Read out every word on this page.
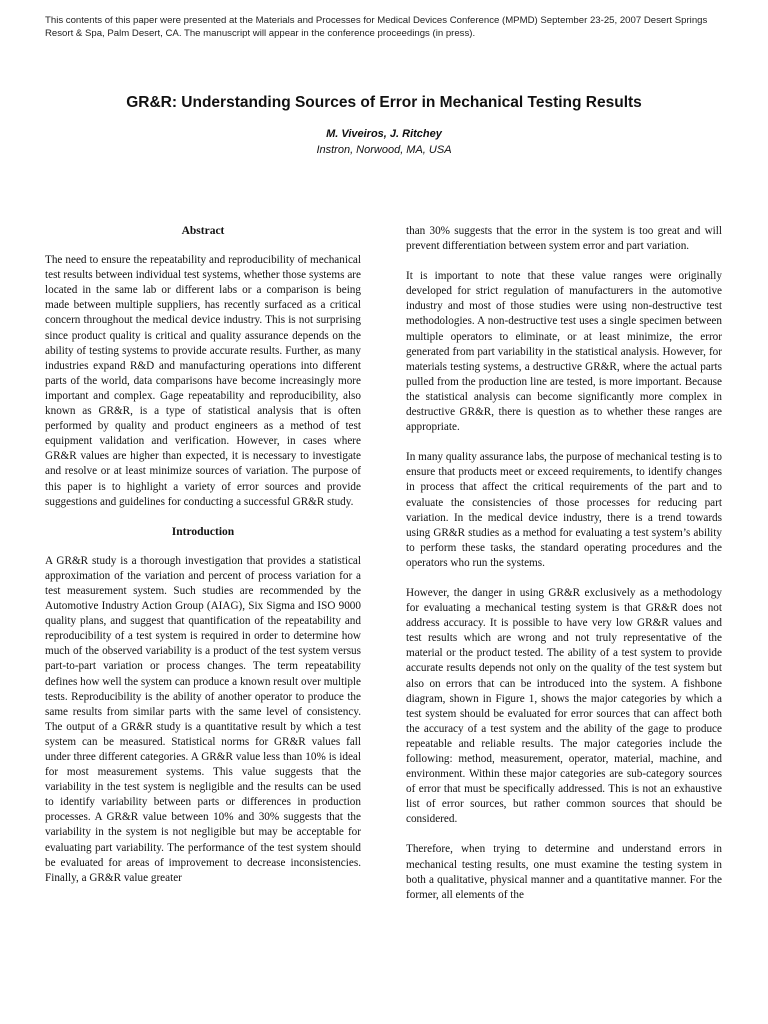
This contents of this paper were presented at the Materials and Processes for Medical Devices Conference (MPMD) September 23-25, 2007 Desert Springs Resort & Spa, Palm Desert, CA. The manuscript will appear in the conference proceedings (in press).
GR&R: Understanding Sources of Error in Mechanical Testing Results
M. Viveiros, J. Ritchey
Instron, Norwood, MA, USA
Abstract

The need to ensure the repeatability and reproducibility of mechanical test results between individual test systems, whether those systems are located in the same lab or different labs or a comparison is being made between multiple suppliers, has recently surfaced as a critical concern throughout the medical device industry. This is not surprising since product quality is critical and quality assurance depends on the ability of testing systems to provide accurate results. Further, as many industries expand R&D and manufacturing operations into different parts of the world, data comparisons have become increasingly more important and complex. Gage repeatability and reproducibility, also known as GR&R, is a type of statistical analysis that is often performed by quality and product engineers as a method of test equipment validation and verification. However, in cases where GR&R values are higher than expected, it is necessary to investigate and resolve or at least minimize sources of variation. The purpose of this paper is to highlight a variety of error sources and provide suggestions and guidelines for conducting a successful GR&R study.

Introduction

A GR&R study is a thorough investigation that provides a statistical approximation of the variation and percent of process variation for a test measurement system. Such studies are recommended by the Automotive Industry Action Group (AIAG), Six Sigma and ISO 9000 quality plans, and suggest that quantification of the repeatability and reproducibility of a test system is required in order to determine how much of the observed variability is a product of the test system versus part-to-part variation or process changes. The term repeatability defines how well the system can produce a known result over multiple tests. Reproducibility is the ability of another operator to produce the same results from similar parts with the same level of consistency. The output of a GR&R study is a quantitative result by which a test system can be measured. Statistical norms for GR&R values fall under three different categories. A GR&R value less than 10% is ideal for most measurement systems. This value suggests that the variability in the test system is negligible and the results can be used to identify variability between parts or differences in production processes. A GR&R value between 10% and 30% suggests that the variability in the system is not negligible but may be acceptable for evaluating part variability. The performance of the test system should be evaluated for areas of improvement to decrease inconsistencies. Finally, a GR&R value greater

than 30% suggests that the error in the system is too great and will prevent differentiation between system error and part variation.

It is important to note that these value ranges were originally developed for strict regulation of manufacturers in the automotive industry and most of those studies were using non-destructive test methodologies. A non-destructive test uses a single specimen between multiple operators to eliminate, or at least minimize, the error generated from part variability in the statistical analysis. However, for materials testing systems, a destructive GR&R, where the actual parts pulled from the production line are tested, is more important. Because the statistical analysis can become significantly more complex in destructive GR&R, there is question as to whether these ranges are appropriate.

In many quality assurance labs, the purpose of mechanical testing is to ensure that products meet or exceed requirements, to identify changes in process that affect the critical requirements of the part and to evaluate the consistencies of those processes for reducing part variation. In the medical device industry, there is a trend towards using GR&R studies as a method for evaluating a test system’s ability to perform these tasks, the standard operating procedures and the operators who run the systems.

However, the danger in using GR&R exclusively as a methodology for evaluating a mechanical testing system is that GR&R does not address accuracy. It is possible to have very low GR&R values and test results which are wrong and not truly representative of the material or the product tested. The ability of a test system to provide accurate results depends not only on the quality of the test system but also on errors that can be introduced into the system. A fishbone diagram, shown in Figure 1, shows the major categories by which a test system should be evaluated for error sources that can affect both the accuracy of a test system and the ability of the gage to produce repeatable and reliable results. The major categories include the following: method, measurement, operator, material, machine, and environment. Within these major categories are sub-category sources of error that must be specifically addressed. This is not an exhaustive list of error sources, but rather common sources that should be considered.

Therefore, when trying to determine and understand errors in mechanical testing results, one must examine the testing system in both a qualitative, physical manner and a quantitative manner. For the former, all elements of the
